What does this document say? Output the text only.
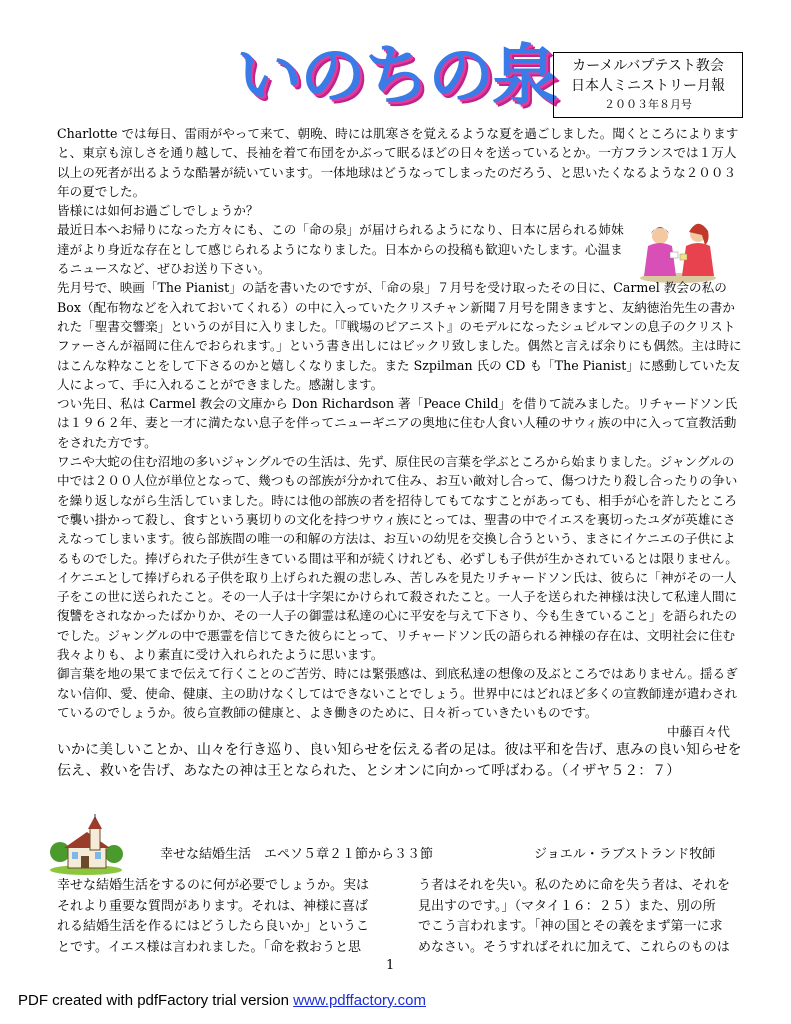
いのちの泉	カーメルバプテスト教会
日本人ミニストリー月報
２００３年８月号

Charlotte では毎日、雷雨がやって来て、朝晩、時には肌寒さを覚えるような夏を過ごしました。聞くところによりますと、東京も涼しさを通り越して、長袖を着て布団をかぶって眠るほどの日々を送っているとか。一方フランスでは１万人以上の死者が出るような酷暑が続いています。一体地球はどうなってしまったのだろう、と思いたくなるような２００３年の夏でした。

皆様には如何お過ごしでしょうか？

最近日本へお帰りになった方々にも、この「命の泉」が届けられるようになり、日本に居られる姉妹達がより身近な存在として感じられるようになりました。日本からの投稿も歓迎いたします。心温まるニュースなど、ぜひお送り下さい。

先月号で、映画「The Pianist」の話を書いたのですが、「命の泉」７月号を受け取ったその日に、Carmel 教会の私の Box（配布物などを入れておいてくれる）の中に入っていたクリスチャン新聞７月号を開きますと、友納徳治先生の書かれた「聖書交響楽」というのが目に入りました。「『戦場のピアニスト』のモデルになったシュピルマンの息子のクリストファーさんが福岡に住んでおられます。」という書き出しにはビックリ致しました。偶然と言えば余りにも偶然。主は時にはこんな粋なことをして下さるのかと嬉しくなりました。また Szpilman 氏の CD も「The Pianist」に感動していた友人によって、手に入れることができました。感謝します。

つい先日、私は Carmel 教会の文庫から Don Richardson 著「Peace Child」を借りて読みました。リチャードソン氏は１９６２年、妻と一才に満たない息子を伴ってニューギニアの奥地に住む人食い人種のサウィ族の中に入って宣教活動をされた方です。

ワニや大蛇の住む沼地の多いジャングルでの生活は、先ず、原住民の言葉を学ぶところから始まりました。ジャングルの中では２００人位が単位となって、幾つもの部族が分かれて住み、お互い敵対し合って、傷つけたり殺し合ったりの争いを繰り返しながら生活していました。時には他の部族の者を招待してもてなすことがあっても、相手が心を許したところで襲い掛かって殺し、食すという裏切りの文化を持つサウィ族にとっては、聖書の中でイエスを裏切ったユダが英雄にさえなってしまいます。彼ら部族間の唯一の和解の方法は、お互いの幼児を交換し合うという、まさにイケニエの子供によるものでした。捧げられた子供が生きている間は平和が続くけれども、必ずしも子供が生かされているとは限りません。イケニエとして捧げられる子供を取り上げられた親の悲しみ、苦しみを見たリチャードソン氏は、彼らに「神がその一人子をこの世に送られたこと。その一人子は十字架にかけられて殺されたこと。一人子を送られた神様は決して私達人間に復讐をされなかったばかりか、その一人子の御霊は私達の心に平安を与えて下さり、今も生きていること」を語られたのでした。ジャングルの中で悪霊を信じてきた彼らにとって、リチャードソン氏の語られる神様の存在は、文明社会に住む我々よりも、より素直に受け入れられたように思います。

御言葉を地の果てまで伝えて行くことのご苦労、時には緊張感は、到底私達の想像の及ぶところではありません。揺るぎない信仰、愛、使命、健康、主の助けなくしてはできないことでしょう。世界中にはどれほど多くの宣教師達が遣わされているのでしょうか。彼ら宣教師の健康と、よき働きのために、日々祈っていきたいものです。

中藤百々代

いかに美しいことか、山々を行き巡り、良い知らせを伝える者の足は。彼は平和を告げ、恵みの良い知らせを伝え、救いを告げ、あなたの神は王となられた、とシオンに向かって呼ばわる。（イザヤ５２：７）

幸せな結婚生活　エペソ５章２１節から３３節	ジョエル・ラブストランド牧師

幸せな結婚生活をするのに何が必要でしょうか。実は

それより重要な質問があります。それは、神様に喜ば

れる結婚生活を作るにはどうしたら良いか」というこ

とです。イエス様は言われました。「命を救おうと思

う者はそれを失い。私のために命を失う者は、それを

見出すのです。」（マタイ１６：２５）また、別の所

でこう言われます。「神の国とその義をまず第一に求

めなさい。そうすればそれに加えて、これらのものは

1
PDF created with pdfFactory trial version www.pdffactory.com
